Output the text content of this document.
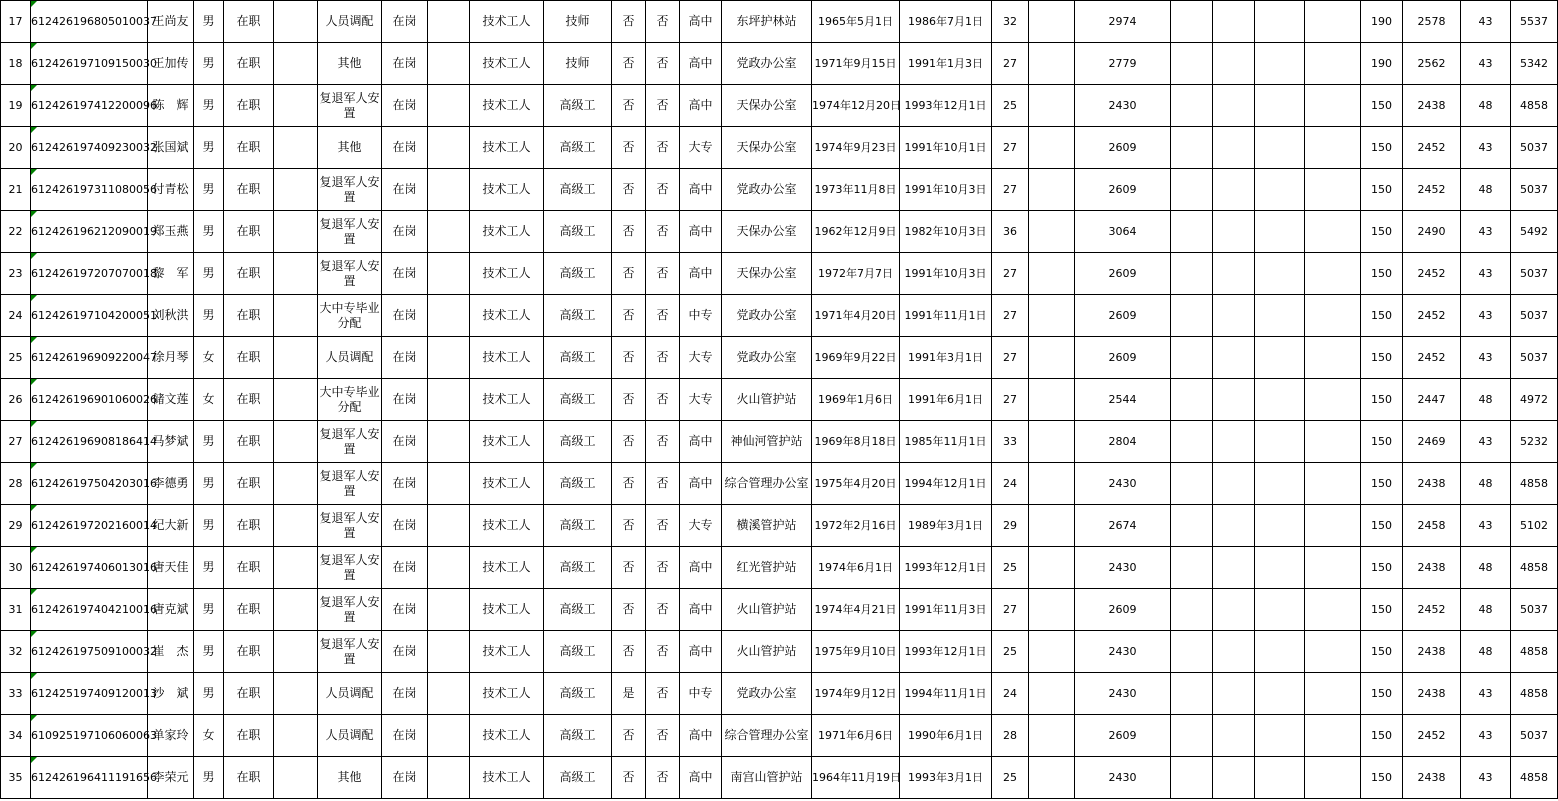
17	612426196805010037	王尚友	男	在职		人员调配	在岗		技术工人	技师	否	否	高中	东坪护林站	1965年5月1日	1986年7月1日	32		2974					190	2578	43	5537
18	612426197109150030	王加传	男	在职		其他	在岗		技术工人	技师	否	否	高中	党政办公室	1971年9月15日	1991年1月3日	27		2779					190	2562	43	5342
19	612426197412200096	陈　辉	男	在职		复退军人安置	在岗		技术工人	高级工	否	否	高中	天保办公室	1974年12月20日	1993年12月1日	25		2430					150	2438	48	4858
20	612426197409230032	张国斌	男	在职		其他	在岗		技术工人	高级工	否	否	大专	天保办公室	1974年9月23日	1991年10月1日	27		2609					150	2452	43	5037
21	612426197311080056	付青松	男	在职		复退军人安置	在岗		技术工人	高级工	否	否	高中	党政办公室	1973年11月8日	1991年10月3日	27		2609					150	2452	48	5037
22	612426196212090019	郑玉燕	男	在职		复退军人安置	在岗		技术工人	高级工	否	否	高中	天保办公室	1962年12月9日	1982年10月3日	36		3064					150	2490	43	5492
23	612426197207070018	黎　军	男	在职		复退军人安置	在岗		技术工人	高级工	否	否	高中	天保办公室	1972年7月7日	1991年10月3日	27		2609					150	2452	43	5037
24	612426197104200051	刘秋洪	男	在职		大中专毕业分配	在岗		技术工人	高级工	否	否	中专	党政办公室	1971年4月20日	1991年11月1日	27		2609					150	2452	43	5037
25	612426196909220047	徐月琴	女	在职		人员调配	在岗		技术工人	高级工	否	否	大专	党政办公室	1969年9月22日	1991年3月1日	27		2609					150	2452	43	5037
26	612426196901060026	储文莲	女	在职		大中专毕业分配	在岗		技术工人	高级工	否	否	大专	火山管护站	1969年1月6日	1991年6月1日	27		2544					150	2447	48	4972
27	612426196908186414	马梦斌	男	在职		复退军人安置	在岗		技术工人	高级工	否	否	高中	神仙河管护站	1969年8月18日	1985年11月1日	33		2804					150	2469	43	5232
28	612426197504203016	李德勇	男	在职		复退军人安置	在岗		技术工人	高级工	否	否	高中	综合管理办公室	1975年4月20日	1994年12月1日	24		2430					150	2438	48	4858
29	612426197202160014	纪大新	男	在职		复退军人安置	在岗		技术工人	高级工	否	否	大专	横溪管护站	1972年2月16日	1989年3月1日	29		2674					150	2458	43	5102
30	612426197406013016	唐天佳	男	在职		复退军人安置	在岗		技术工人	高级工	否	否	高中	红光管护站	1974年6月1日	1993年12月1日	25		2430					150	2438	48	4858
31	612426197404210016	唐克斌	男	在职		复退军人安置	在岗		技术工人	高级工	否	否	高中	火山管护站	1974年4月21日	1991年11月3日	27		2609					150	2452	48	5037
32	612426197509100032	崔　杰	男	在职		复退军人安置	在岗		技术工人	高级工	否	否	高中	火山管护站	1975年9月10日	1993年12月1日	25		2430					150	2438	48	4858
33	612425197409120013	沙　斌	男	在职		人员调配	在岗		技术工人	高级工	是	否	中专	党政办公室	1974年9月12日	1994年11月1日	24		2430					150	2438	43	4858
34	610925197106060063	单家玲	女	在职		人员调配	在岗		技术工人	高级工	否	否	高中	综合管理办公室	1971年6月6日	1990年6月1日	28		2609					150	2452	43	5037
35	612426196411191656	李荣元	男	在职		其他	在岗		技术工人	高级工	否	否	高中	南宫山管护站	1964年11月19日	1993年3月1日	25		2430					150	2438	43	4858
